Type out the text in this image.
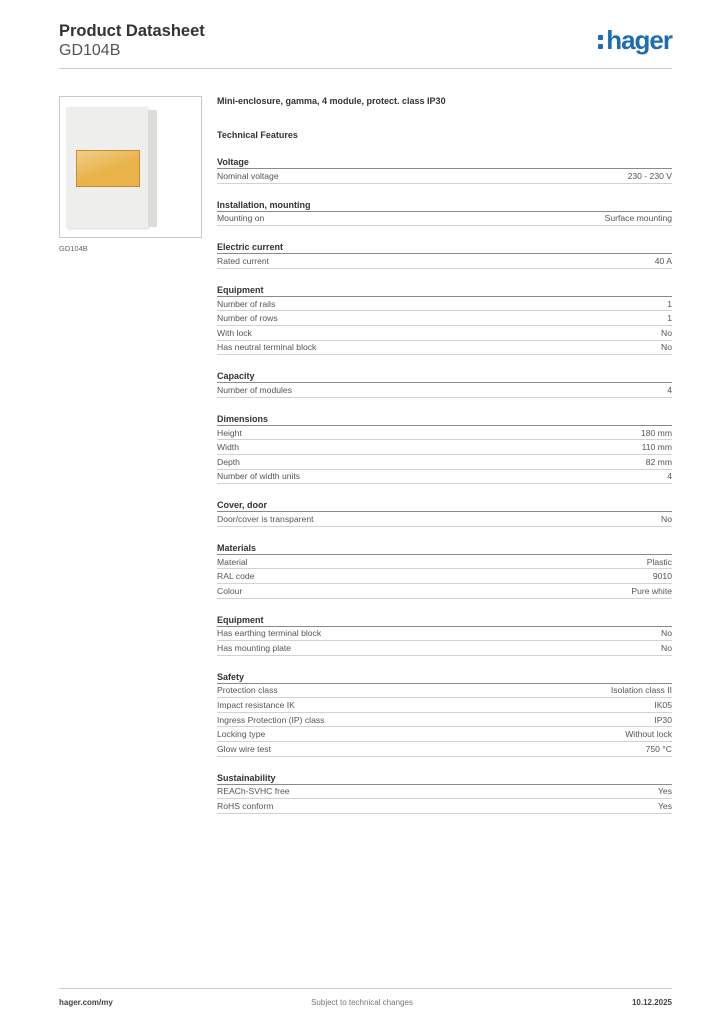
Product Datasheet
GD104B	hager
GD104B
Mini-enclosure, gamma, 4 module, protect. class IP30
Technical Features
Voltage
Nominal voltage	230 - 230 V
Installation, mounting
Mounting on	Surface mounting
Electric current
Rated current	40 A
Equipment
Number of rails	1
Number of rows	1
With lock	No
Has neutral terminal block	No
Capacity
Number of modules	4
Dimensions
Height	180 mm
Width	110 mm
Depth	82 mm
Number of width units	4
Cover, door
Door/cover is transparent	No
Materials
Material	Plastic
RAL code	9010
Colour	Pure white
Equipment
Has earthing terminal block	No
Has mounting plate	No
Safety
Protection class	Isolation class II
Impact resistance IK	IK05
Ingress Protection (IP) class	IP30
Locking type	Without lock
Glow wire test	750 °C
Sustainability
REACh-SVHC free	Yes
RoHS conform	Yes
hager.com/my	Subject to technical changes	10.12.2025
